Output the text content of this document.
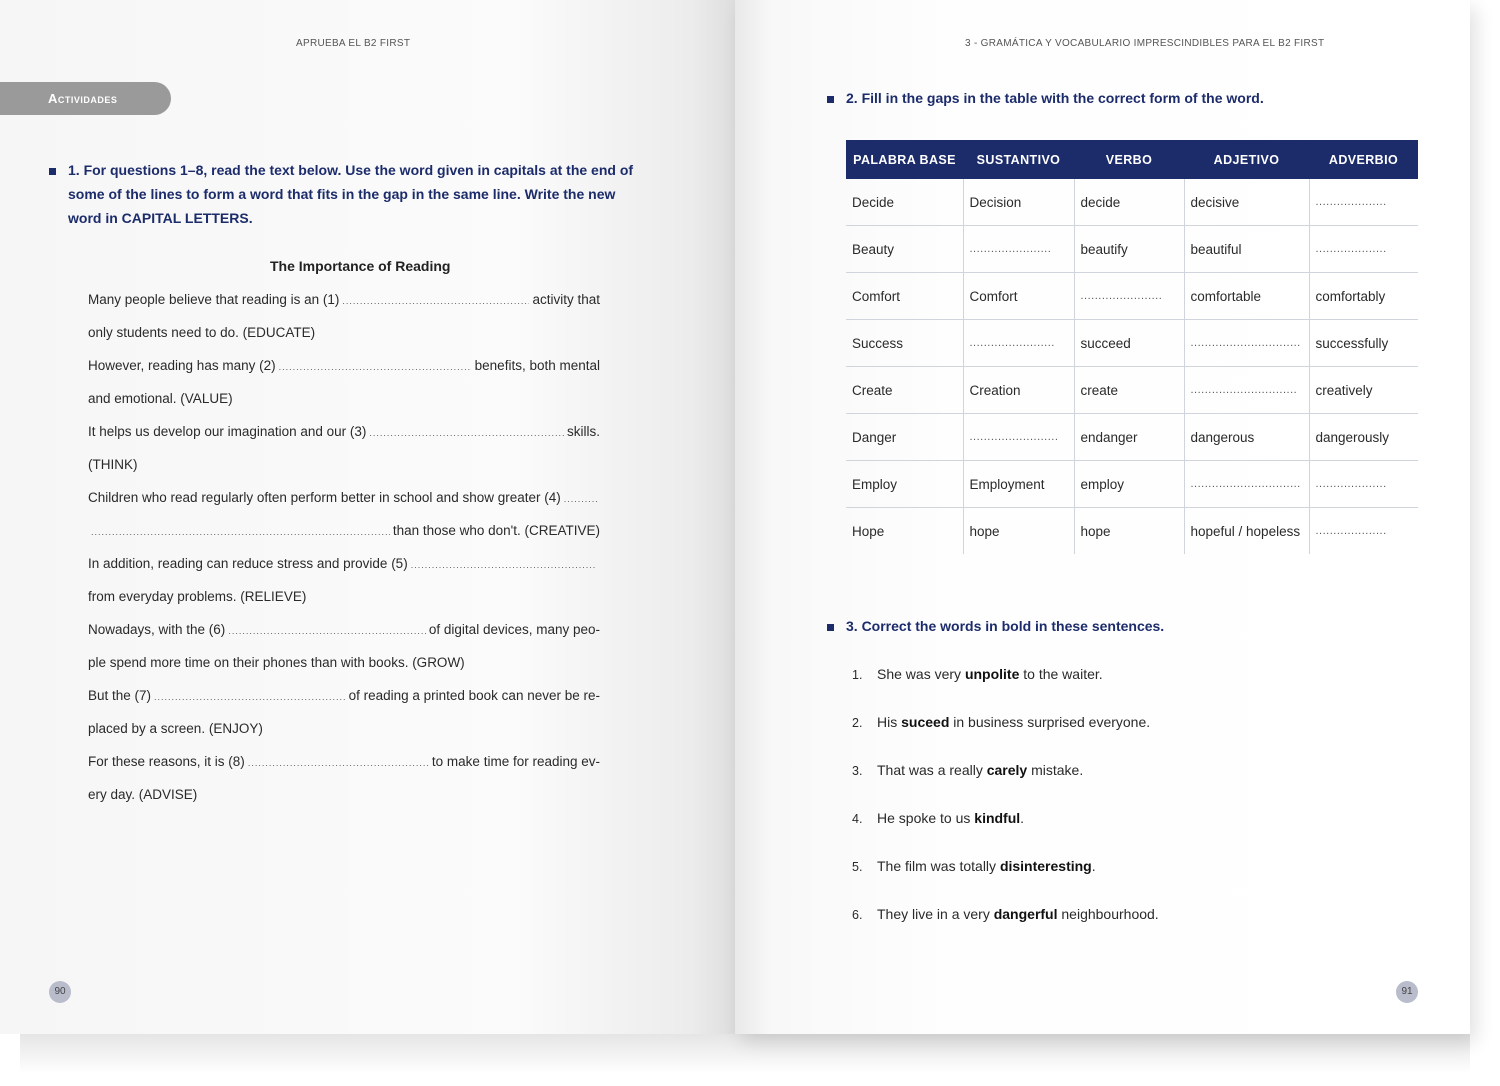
APRUEBA EL B2 FIRST
Actividades
1. For questions 1–8, read the text below. Use the word given in capitals at the end of some of the lines to form a word that fits in the gap in the same line. Write the new word in CAPITAL LETTERS.
The Importance of Reading
Many people believe that reading is an (1) .....	activity that
only students need to do. (EDUCATE)
However, reading has many (2) .....	benefits, both mental
and emotional. (VALUE)
It helps us develop our imagination and our (3) .....	skills.
(THINK)
Children who read regularly often perform better in school and show greater (4)
.....
.....
than those who don't. (CREATIVE)
In addition, reading can reduce stress and provide (5)
.....
from everyday problems. (RELIEVE)
Nowadays, with the (6) .....	of digital devices, many peo-
ple spend more time on their phones than with books. (GROW)
But the (7) .....	of reading a printed book can never be re-
placed by a screen. (ENJOY)
For these reasons, it is (8) .....	to make time for reading ev-
ery day. (ADVISE)
90
3 - GRAMÁTICA Y VOCABULARIO IMPRESCINDIBLES PARA EL B2 FIRST
2. Fill in the gaps in the table with the correct form of the word.
3. Correct the words in bold in these sentences.
91
PALABRA BASE	SUSTANTIVO	VERBO	ADJETIVO	ADVERBIO
Decide	Decision	decide	decisive	....................
Beauty	.......................	beautify	beautiful	....................
Comfort	Comfort	.......................	comfortable	comfortably
Success	........................	succeed	...............................	successfully
Create	Creation	create	..............................	creatively
Danger	.........................	endanger	dangerous	dangerously
Employ	Employment	employ	...............................	....................
Hope	hope	hope	hopeful / hopeless	....................
1. She was very unpolite to the waiter.
2. His suceed in business surprised everyone.
3. That was a really carely mistake.
4. He spoke to us kindful.
5. The film was totally disinteresting.
6. They live in a very dangerful neighbourhood.
